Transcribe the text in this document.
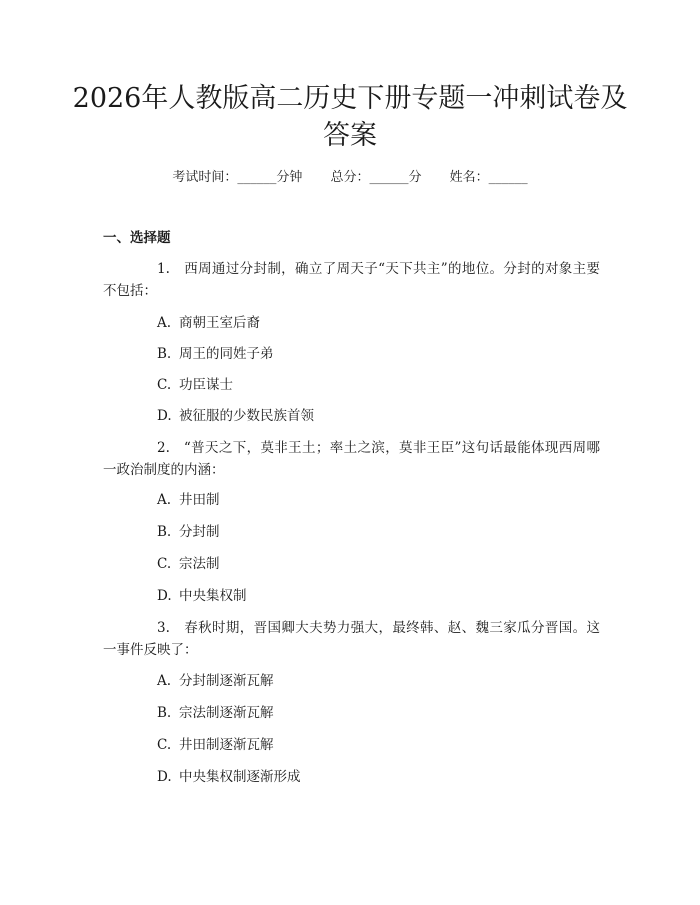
2026年人教版高二历史下册专题一冲刺试卷及答案
考试时间：______分钟 总分：______分 姓名：______
一、选择题
1. 西周通过分封制，确立了周天子“天下共主”的地位。分封的对象主要不包括：
A. 商朝王室后裔
B. 周王的同姓子弟
C. 功臣谋士
D. 被征服的少数民族首领
2. “普天之下，莫非王土；率土之滨，莫非王臣”这句话最能体现西周哪一政治制度的内涵：
A. 井田制
B. 分封制
C. 宗法制
D. 中央集权制
3. 春秋时期，晋国卿大夫势力强大，最终韩、赵、魏三家瓜分晋国。这一事件反映了：
A. 分封制逐渐瓦解
B. 宗法制逐渐瓦解
C. 井田制逐渐瓦解
D. 中央集权制逐渐形成
